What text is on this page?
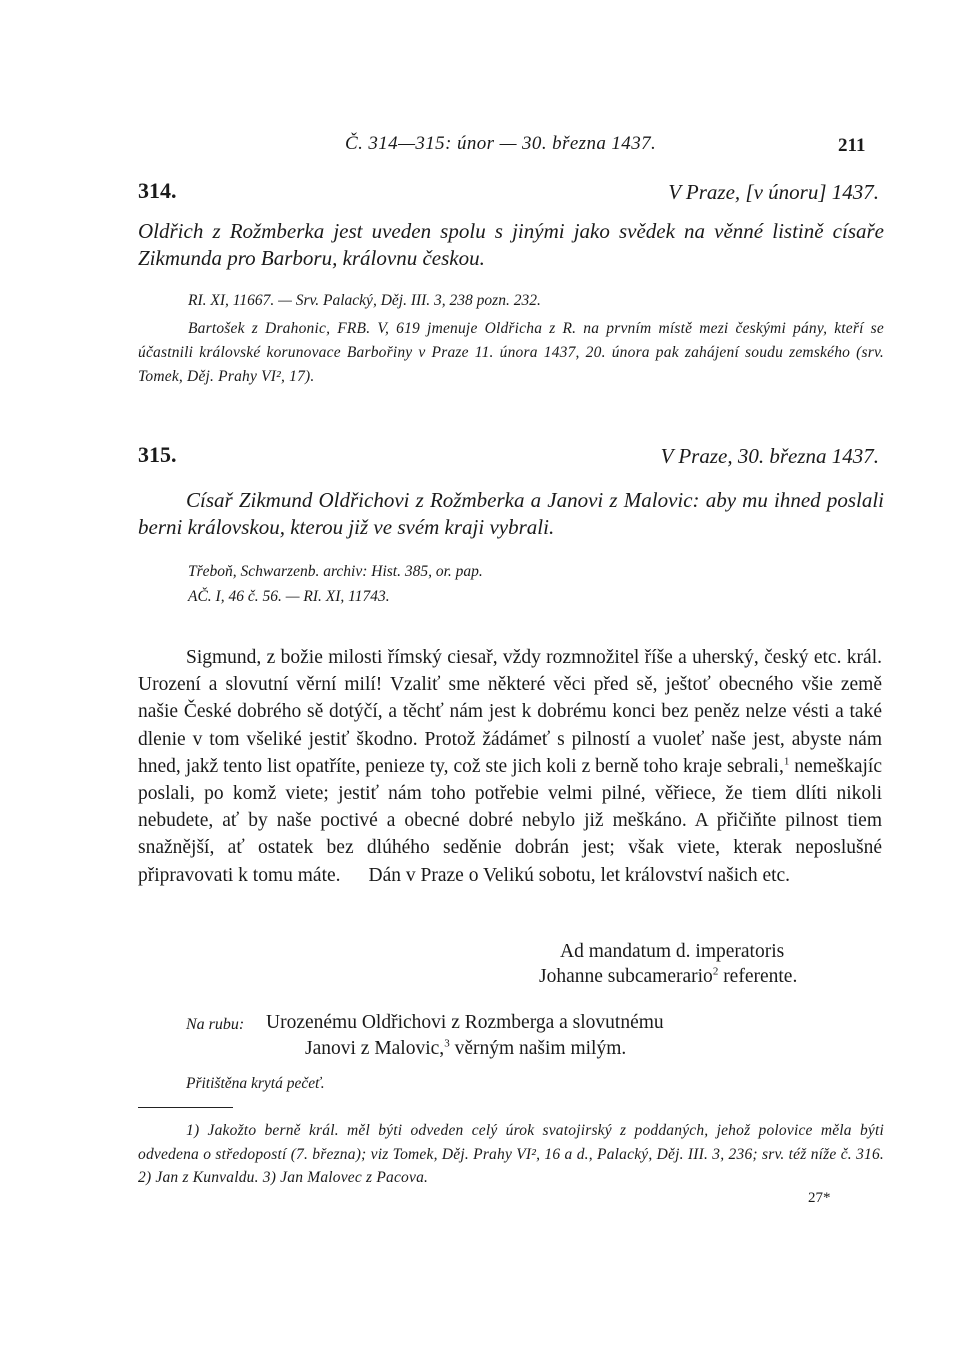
Č. 314—315: únor — 30. března 1437.	211
314.	V Praze, [v únoru] 1437.
Oldřich z Rožmberka jest uveden spolu s jinými jako svědek na věnné listině císaře Zikmunda pro Barboru, královnu českou.
RI. XI, 11667. — Srv. Palacký, Děj. III. 3, 238 pozn. 232.
Bartošek z Drahonic, FRB. V, 619 jmenuje Oldřicha z R. na prvním místě mezi českými pány, kteří se účastnili královské korunovace Barbořiny v Praze 11. února 1437, 20. února pak zahájení soudu zemského (srv. Tomek, Děj. Prahy VI², 17).
315.	V Praze, 30. března 1437.
Císař Zikmund Oldřichovi z Rožmberka a Janovi z Malovic: aby mu ihned poslali berni královskou, kterou již ve svém kraji vybrali.
Třeboň, Schwarzenb. archiv: Hist. 385, or. pap.
AČ. I, 46 č. 56. — RI. XI, 11743.
Sigmund, z božie milosti římský ciesař, vždy rozmnožitel říše a uherský, český etc. král. Urození a slovutní věrní milí! Vzaliť sme některé věci před sě, ještoť obecného všie země našie České dobrého sě dotýčí, a těchť nám jest k dobrému konci bez peněz nelze vésti a také dlenie v tom všeliké jestiť škodno. Protož žádámeť s pilností a vuoleť naše jest, abyste nám hned, jakž tento list opatříte, penieze ty, což ste jich koli z berně toho kraje sebrali,$^1$ nemeškajíc poslali, po komž viete; jestiť nám toho potřebie velmi pilné, věřiece, že tiem dlíti nikoli nebudete, ať by naše poctivé a obecné dobré nebylo již meškáno. A přičiňte pilnost tiem snažnější, ať ostatek bez dlúhého seděnie dobrán jest; však viete, kterak neposlušné připravovati k tomu máte. Dán v Praze o Velikú sobotu, let království našich etc.
Ad mandatum d. imperatoris
Johanne subcamerario$^2$ referente.
Na rubu: Urozenému Oldřichovi z Rozmberga a slovutnému
Janovi z Malovic,$^3$ věrným našim milým.
Přitištěna krytá pečeť.
1) Jakožto berně král. měl býti odveden celý úrok svatojirský z poddaných, jehož polovice měla býti odvedena o středopostí (7. března); viz Tomek, Děj. Prahy VI², 16 a d., Palacký, Děj. III. 3, 236; srv. též níže č. 316. 2) Jan z Kunvaldu. 3) Jan Malovec z Pacova.
27*
